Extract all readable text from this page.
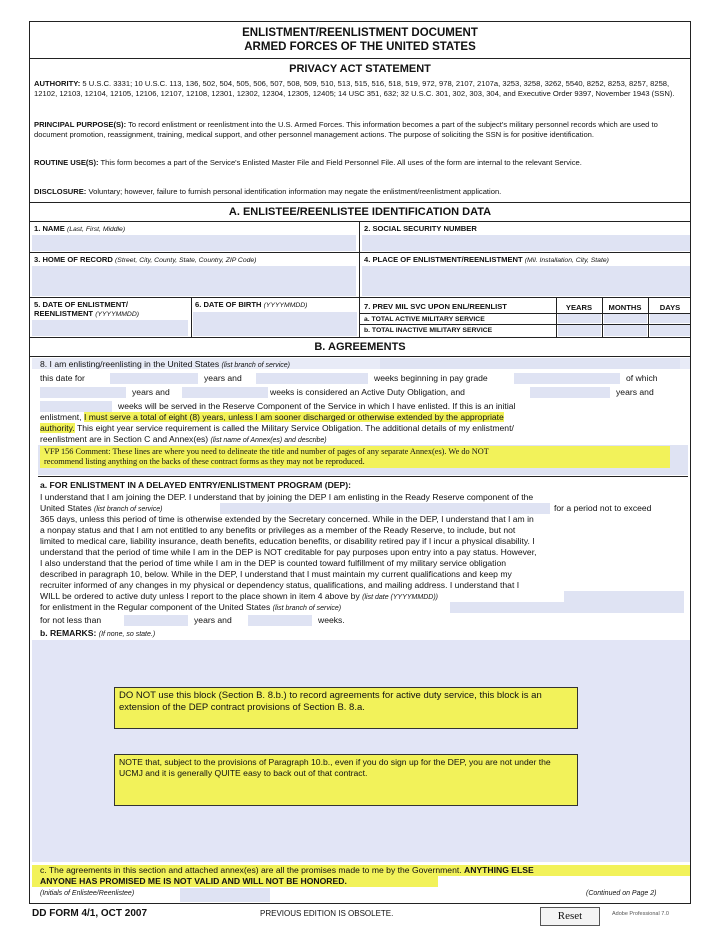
ENLISTMENT/REENLISTMENT DOCUMENT
ARMED FORCES OF THE UNITED STATES
PRIVACY ACT STATEMENT
AUTHORITY: 5 U.S.C. 3331; 10 U.S.C. 113, 136, 502, 504, 505, 506, 507, 508, 509, 510, 513, 515, 516, 518, 519, 972, 978, 2107, 2107a, 3253, 3258, 3262, 5540, 8252, 8253, 8257, 8258, 12102, 12103, 12104, 12105, 12106, 12107, 12108, 12301, 12302, 12304, 12305, 12405; 14 USC 351, 632; 32 U.S.C. 301, 302, 303, 304, and Executive Order 9397, November 1943 (SSN).
PRINCIPAL PURPOSE(S): To record enlistment or reenlistment into the U.S. Armed Forces. This information becomes a part of the subject's military personnel records which are used to document promotion, reassignment, training, medical support, and other personnel management actions. The purpose of soliciting the SSN is for positive identification.
ROUTINE USE(S): This form becomes a part of the Service's Enlisted Master File and Field Personnel File. All uses of the form are internal to the relevant Service.
DISCLOSURE: Voluntary; however, failure to furnish personal identification information may negate the enlistment/reenlistment application.
A. ENLISTEE/REENLISTEE IDENTIFICATION DATA
1. NAME (Last, First, Middle)	2. SOCIAL SECURITY NUMBER
3. HOME OF RECORD (Street, City, County, State, Country, ZIP Code)	4. PLACE OF ENLISTMENT/REENLISTMENT (Mil. Installation, City, State)
5. DATE OF ENLISTMENT/
REENLISTMENT (YYYYMMDD)
6. DATE OF BIRTH (YYYYMMDD)	7. PREV MIL SVC UPON ENL/REENLIST	YEARS	MONTHS	DAYS
a. TOTAL ACTIVE MILITARY SERVICE
b. TOTAL INACTIVE MILITARY SERVICE
B. AGREEMENTS
8. I am enlisting/reenlisting in the United States (list branch of service)
this date for	years and	weeks beginning in pay grade	of which
years and	weeks is considered an Active Duty Obligation, and	years and
weeks will be served in the Reserve Component of the Service in which I have enlisted. If this is an initial
enlistment, I must serve a total of eight (8) years, unless I am sooner discharged or otherwise extended by the appropriate
authority. This eight year service requirement is called the Military Service Obligation. The additional details of my enlistment/
reenlistment are in Section C and Annex(es) (list name of Annex(es) and describe)
VFP 156 Comment: These lines are where you need to delineate the title and number of pages of any separate Annex(es). We do NOT
recommend listing anything on the backs of these contract forms as they may not be reproduced.
a. FOR ENLISTMENT IN A DELAYED ENTRY/ENLISTMENT PROGRAM (DEP):
I understand that I am joining the DEP. I understand that by joining the DEP I am enlisting in the Ready Reserve component of the
United States (list branch of service)	for a period not to exceed
365 days, unless this period of time is otherwise extended by the Secretary concerned. While in the DEP, I understand that I am in
a nonpay status and that I am not entitled to any benefits or privileges as a member of the Ready Reserve, to include, but not
limited to medical care, liability insurance, death benefits, education benefits, or disability retired pay if I incur a physical disability. I
understand that the period of time while I am in the DEP is NOT creditable for pay purposes upon entry into a pay status. However,
I also understand that the period of time while I am in the DEP is counted toward fulfillment of my military service obligation
described in paragraph 10, below. While in the DEP, I understand that I must maintain my current qualifications and keep my
recruiter informed of any changes in my physical or dependency status, qualifications, and mailing address. I understand that I
WILL be ordered to active duty unless I report to the place shown in item 4 above by (list date (YYYYMMDD))
for enlistment in the Regular component of the United States (list branch of service)
for not less than	years and	weeks.
b. REMARKS: (If none, so state.)
DO NOT use this block (Section B. 8.b.) to record agreements for active duty service, this block is an extension of the DEP contract provisions of Section B. 8.a.
NOTE that, subject to the provisions of Paragraph 10.b., even if you do sign up for the DEP, you are not under the UCMJ and it is generally QUITE easy to back out of that contract.
c. The agreements in this section and attached annex(es) are all the promises made to me by the Government. ANYTHING ELSE
ANYONE HAS PROMISED ME IS NOT VALID AND WILL NOT BE HONORED.
(Initials of Enlistee/Reenlistee)	(Continued on Page 2)
DD FORM 4/1, OCT 2007	PREVIOUS EDITION IS OBSOLETE.	Reset	Adobe Professional 7.0
